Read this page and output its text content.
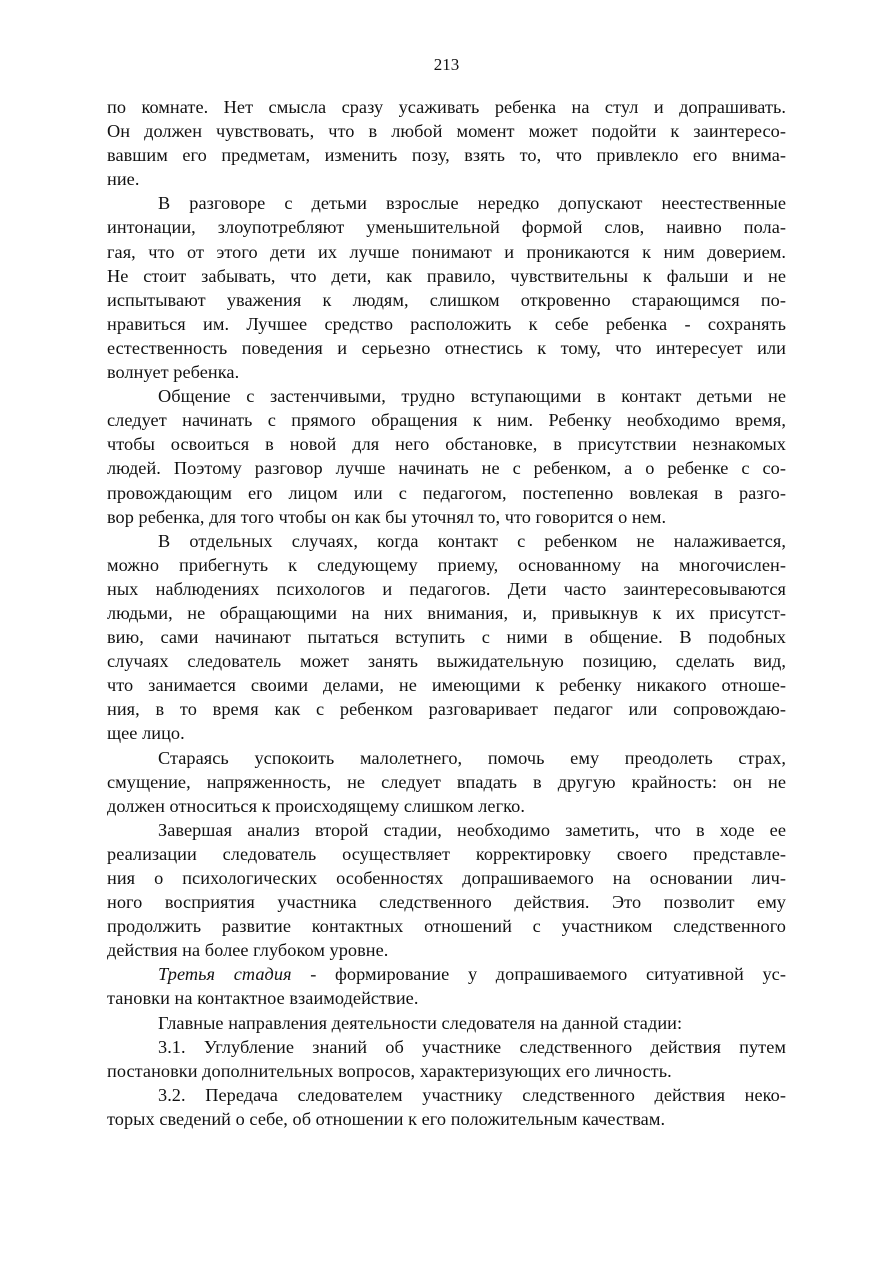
213
по комнате. Нет смысла сразу усаживать ребенка на стул и допрашивать.
Он должен чувствовать, что в любой момент может подойти к заинтересо-
вавшим его предметам, изменить позу, взять то, что привлекло его внима-
ние.
В разговоре с детьми взрослые нередко допускают неестественные
интонации, злоупотребляют уменьшительной формой слов, наивно пола-
гая, что от этого дети их лучше понимают и проникаются к ним доверием.
Не стоит забывать, что дети, как правило, чувствительны к фальши и не
испытывают уважения к людям, слишком откровенно старающимся по-
нравиться им. Лучшее средство расположить к себе ребенка - сохранять
естественность поведения и серьезно отнестись к тому, что интересует или
волнует ребенка.
Общение с застенчивыми, трудно вступающими в контакт детьми не
следует начинать с прямого обращения к ним. Ребенку необходимо время,
чтобы освоиться в новой для него обстановке, в присутствии незнакомых
людей. Поэтому разговор лучше начинать не с ребенком, а о ребенке с со-
провождающим его лицом или с педагогом, постепенно вовлекая в разго-
вор ребенка, для того чтобы он как бы уточнял то, что говорится о нем.
В отдельных случаях, когда контакт с ребенком не налаживается,
можно прибегнуть к следующему приему, основанному на многочислен-
ных наблюдениях психологов и педагогов. Дети часто заинтересовываются
людьми, не обращающими на них внимания, и, привыкнув к их присутст-
вию, сами начинают пытаться вступить с ними в общение. В подобных
случаях следователь может занять выжидательную позицию, сделать вид,
что занимается своими делами, не имеющими к ребенку никакого отноше-
ния, в то время как с ребенком разговаривает педагог или сопровождаю-
щее лицо.
Стараясь успокоить малолетнего, помочь ему преодолеть страх,
смущение, напряженность, не следует впадать в другую крайность: он не
должен относиться к происходящему слишком легко.
Завершая анализ второй стадии, необходимо заметить, что в ходе ее
реализации следователь осуществляет корректировку своего представле-
ния о психологических особенностях допрашиваемого на основании лич-
ного восприятия участника следственного действия. Это позволит ему
продолжить развитие контактных отношений с участником следственного
действия на более глубоком уровне.
Третья стадия - формирование у допрашиваемого ситуативной ус-
тановки на контактное взаимодействие.
Главные направления деятельности следователя на данной стадии:
3.1. Углубление знаний об участнике следственного действия путем
постановки дополнительных вопросов, характеризующих его личность.
3.2. Передача следователем участнику следственного действия неко-
торых сведений о себе, об отношении к его положительным качествам.
